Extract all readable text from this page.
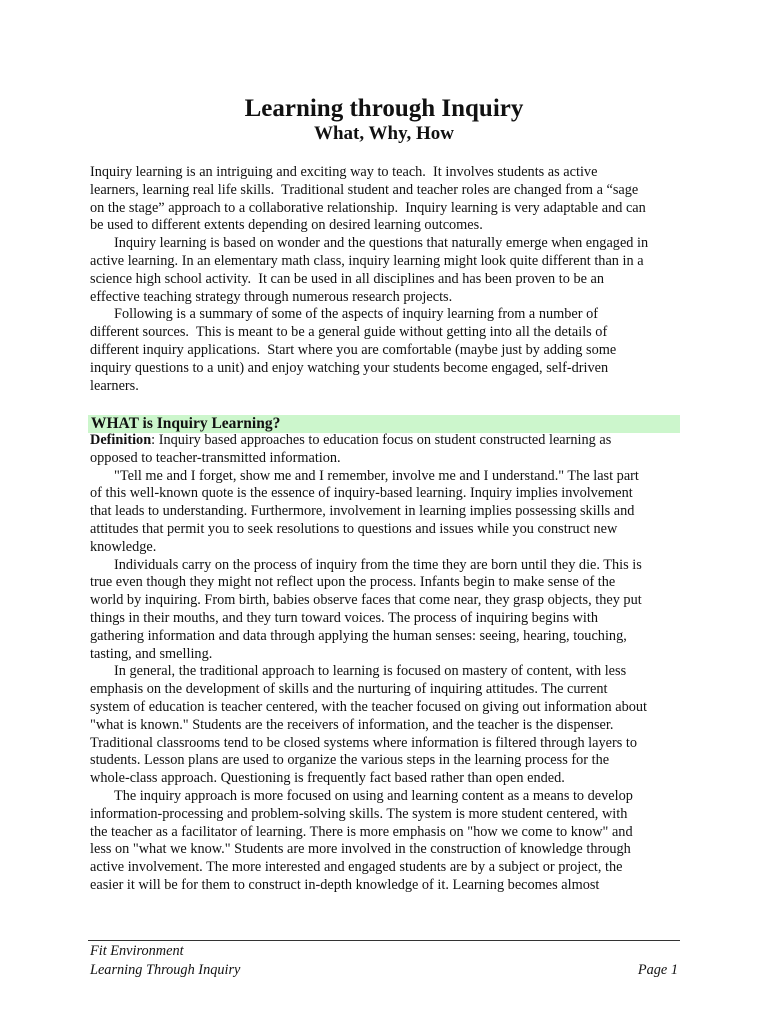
Learning through Inquiry
What, Why, How
Inquiry learning is an intriguing and exciting way to teach.  It involves students as active
learners, learning real life skills.  Traditional student and teacher roles are changed from a “sage
on the stage” approach to a collaborative relationship.  Inquiry learning is very adaptable and can
be used to different extents depending on desired learning outcomes.
Inquiry learning is based on wonder and the questions that naturally emerge when engaged in
active learning. In an elementary math class, inquiry learning might look quite different than in a
science high school activity.  It can be used in all disciplines and has been proven to be an
effective teaching strategy through numerous research projects.
Following is a summary of some of the aspects of inquiry learning from a number of
different sources.  This is meant to be a general guide without getting into all the details of
different inquiry applications.  Start where you are comfortable (maybe just by adding some
inquiry questions to a unit) and enjoy watching your students become engaged, self-driven
learners.
WHAT is Inquiry Learning?
Definition: Inquiry based approaches to education focus on student constructed learning as
opposed to teacher-transmitted information.
"Tell me and I forget, show me and I remember, involve me and I understand." The last part
of this well-known quote is the essence of inquiry-based learning. Inquiry implies involvement
that leads to understanding. Furthermore, involvement in learning implies possessing skills and
attitudes that permit you to seek resolutions to questions and issues while you construct new
knowledge.
Individuals carry on the process of inquiry from the time they are born until they die. This is
true even though they might not reflect upon the process. Infants begin to make sense of the
world by inquiring. From birth, babies observe faces that come near, they grasp objects, they put
things in their mouths, and they turn toward voices. The process of inquiring begins with
gathering information and data through applying the human senses: seeing, hearing, touching,
tasting, and smelling.
In general, the traditional approach to learning is focused on mastery of content, with less
emphasis on the development of skills and the nurturing of inquiring attitudes. The current
system of education is teacher centered, with the teacher focused on giving out information about
"what is known." Students are the receivers of information, and the teacher is the dispenser.
Traditional classrooms tend to be closed systems where information is filtered through layers to
students. Lesson plans are used to organize the various steps in the learning process for the
whole-class approach. Questioning is frequently fact based rather than open ended.
The inquiry approach is more focused on using and learning content as a means to develop
information-processing and problem-solving skills. The system is more student centered, with
the teacher as a facilitator of learning. There is more emphasis on "how we come to know" and
less on "what we know." Students are more involved in the construction of knowledge through
active involvement. The more interested and engaged students are by a subject or project, the
easier it will be for them to construct in-depth knowledge of it. Learning becomes almost
Fit Environment
Learning Through Inquiry	Page 1
